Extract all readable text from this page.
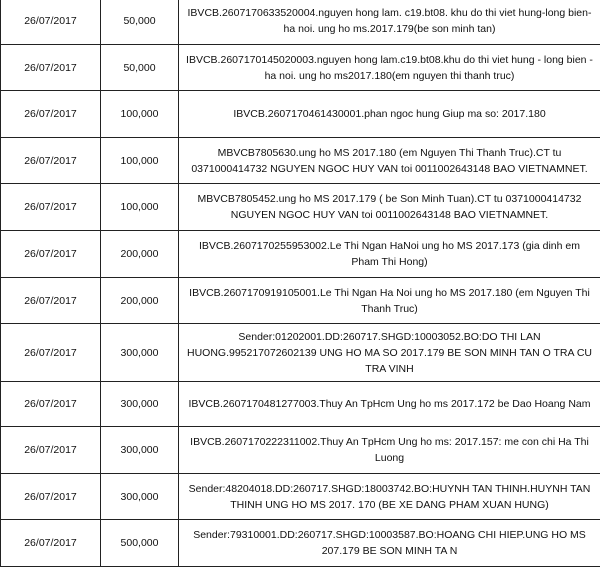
26/07/2017	50,000	IBVCB.2607170633520004.nguyen hong lam. c19.bt08. khu do thi viet hung-long bien-ha noi. ung ho ms.2017.179(be son minh tan)
26/07/2017	50,000	IBVCB.2607170145020003.nguyen hong lam.c19.bt08.khu do thi viet hung - long bien - ha noi. ung ho ms2017.180(em nguyen thi thanh truc)
26/07/2017	100,000	IBVCB.2607170461430001.phan ngoc hung Giup ma so: 2017.180
26/07/2017	100,000	MBVCB7805630.ung ho MS 2017.180 (em Nguyen Thi Thanh Truc).CT tu 0371000414732 NGUYEN NGOC HUY VAN toi 0011002643148 BAO VIETNAMNET.
26/07/2017	100,000	MBVCB7805452.ung ho MS 2017.179 ( be Son Minh Tuan).CT tu 0371000414732 NGUYEN NGOC HUY VAN toi 0011002643148 BAO VIETNAMNET.
26/07/2017	200,000	IBVCB.2607170255953002.Le Thi Ngan HaNoi ung ho MS 2017.173 (gia dinh em Pham Thi Hong)
26/07/2017	200,000	IBVCB.2607170919105001.Le Thi Ngan Ha Noi ung ho MS 2017.180 (em Nguyen Thi Thanh Truc)
26/07/2017	300,000	Sender:01202001.DD:260717.SHGD:10003052.BO:DO THI LAN HUONG.995217072602139 UNG HO MA SO 2017.179 BE SON MINH TAN O TRA CU TRA VINH
26/07/2017	300,000	IBVCB.2607170481277003.Thuy An TpHcm Ung ho ms 2017.172 be Dao Hoang Nam
26/07/2017	300,000	IBVCB.2607170222311002.Thuy An TpHcm Ung ho ms: 2017.157: me con chi Ha Thi Luong
26/07/2017	300,000	Sender:48204018.DD:260717.SHGD:18003742.BO:HUYNH TAN THINH.HUYNH TAN THINH UNG HO MS 2017. 170 (BE XE DANG PHAM XUAN HUNG)
26/07/2017	500,000	Sender:79310001.DD:260717.SHGD:10003587.BO:HOANG CHI HIEP.UNG HO MS 207.179 BE SON MINH TA N
